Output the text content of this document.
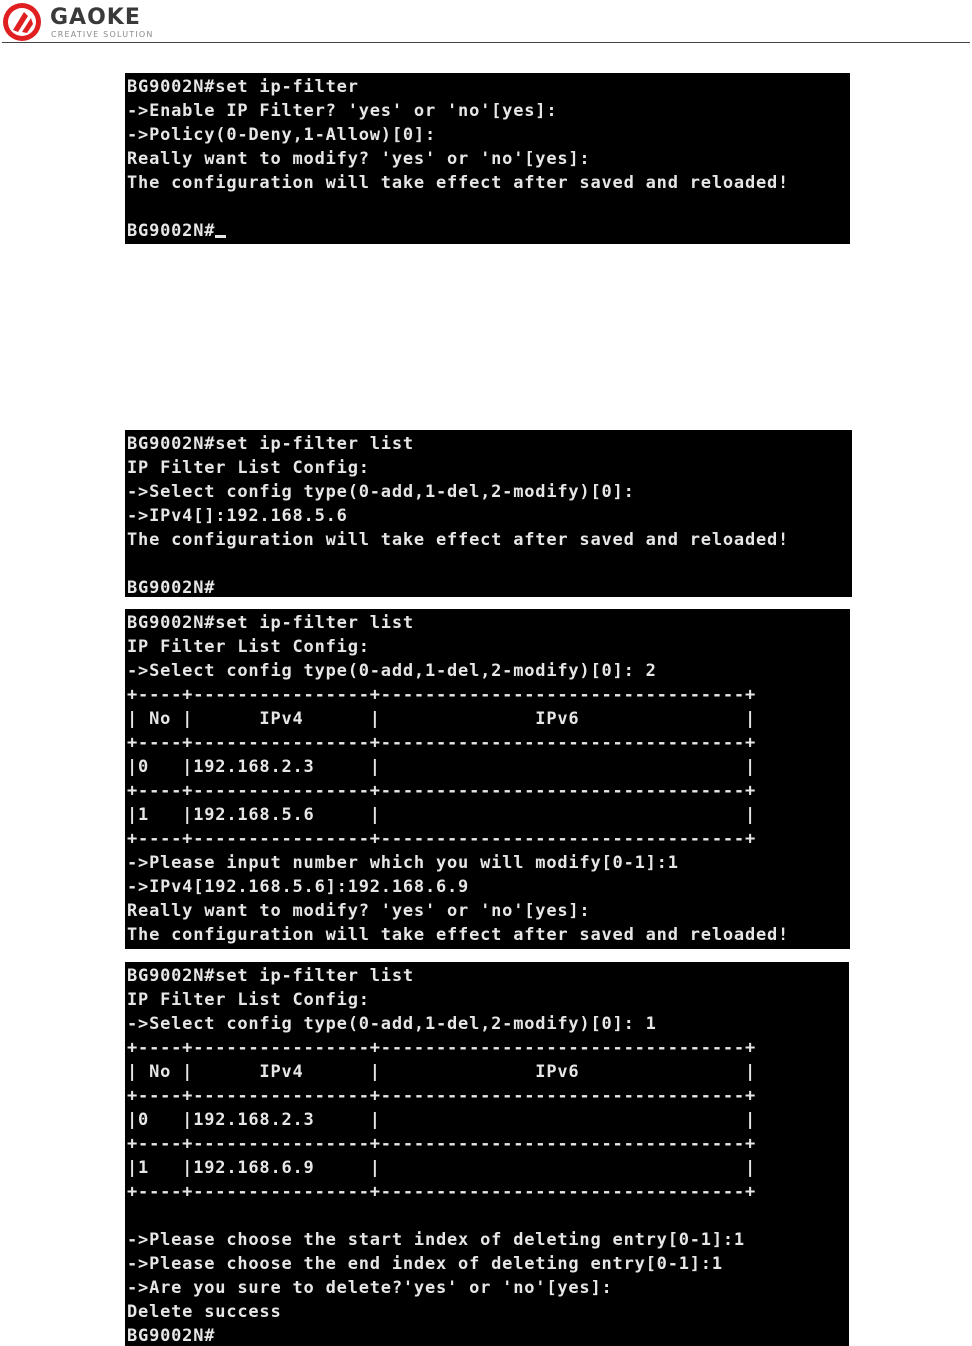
GAOKE
CREATIVE SOLUTION
BG9002N#set ip-filter
->Enable IP Filter? 'yes' or 'no'[yes]:
->Policy(0-Deny,1-Allow)[0]:
Really want to modify? 'yes' or 'no'[yes]:
The configuration will take effect after saved and reloaded!
BG9002N#
BG9002N#set ip-filter list
IP Filter List Config:
->Select config type(0-add,1-del,2-modify)[0]:
->IPv4[]:192.168.5.6
The configuration will take effect after saved and reloaded!
BG9002N#
BG9002N#set ip-filter list
IP Filter List Config:
->Select config type(0-add,1-del,2-modify)[0]: 2
+----+----------------+---------------------------------+
| No |      IPv4      |              IPv6               |
+----+----------------+---------------------------------+
|0   |192.168.2.3     |                                 |
+----+----------------+---------------------------------+
|1   |192.168.5.6     |                                 |
+----+----------------+---------------------------------+
->Please input number which you will modify[0-1]:1
->IPv4[192.168.5.6]:192.168.6.9
Really want to modify? 'yes' or 'no'[yes]:
The configuration will take effect after saved and reloaded!
BG9002N#set ip-filter list
IP Filter List Config:
->Select config type(0-add,1-del,2-modify)[0]: 1
+----+----------------+---------------------------------+
| No |      IPv4      |              IPv6               |
+----+----------------+---------------------------------+
|0   |192.168.2.3     |                                 |
+----+----------------+---------------------------------+
|1   |192.168.6.9     |                                 |
+----+----------------+---------------------------------+
->Please choose the start index of deleting entry[0-1]:1
->Please choose the end index of deleting entry[0-1]:1
->Are you sure to delete?'yes' or 'no'[yes]:
Delete success
BG9002N#
